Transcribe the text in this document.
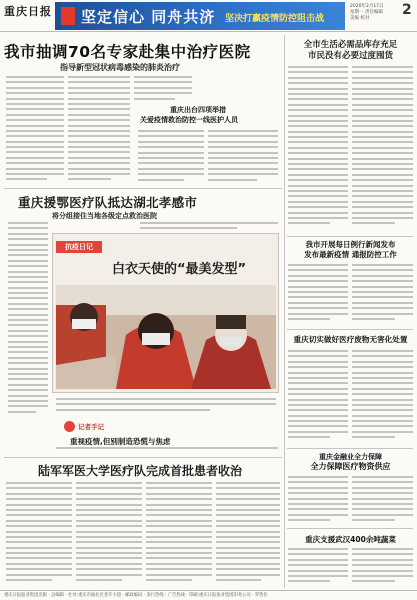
重庆日报 坚定信心 同舟共济 坚决打赢疫情防控阻击战
2020年2月17日
星期一 责任编辑
美编 校对
2
我市抽调70名专家赴集中治疗医院
指导新型冠状病毒感染的肺炎治疗
重庆出台四项举措
关爱疫情救治防控一线医护人员
全市生活必需品库存充足
市民没有必要过度囤货
重庆援鄂医疗队抵达湖北孝感市
将分组接住当地各级定点救治医院
抗疫日记
白衣天使的“最美发型”
记者手记
重视疫情,但别制造恐慌与焦虑
陆军军医大学医疗队完成首批患者收治
我市开展每日例行新闻发布
发布最新疫情 通报防控工作
重庆切实做好医疗废物无害化处置
重庆金融业全力保障
全力保障医疗物资供应
重庆支援武汉400余吨蔬菜
重庆日报报业集团出版 · 总编辑 · 社址:重庆市渝北区金开大道 · 邮政编码 · 发行热线 · 广告热线 · 印刷:重庆日报报业集团印务公司 · 零售价
